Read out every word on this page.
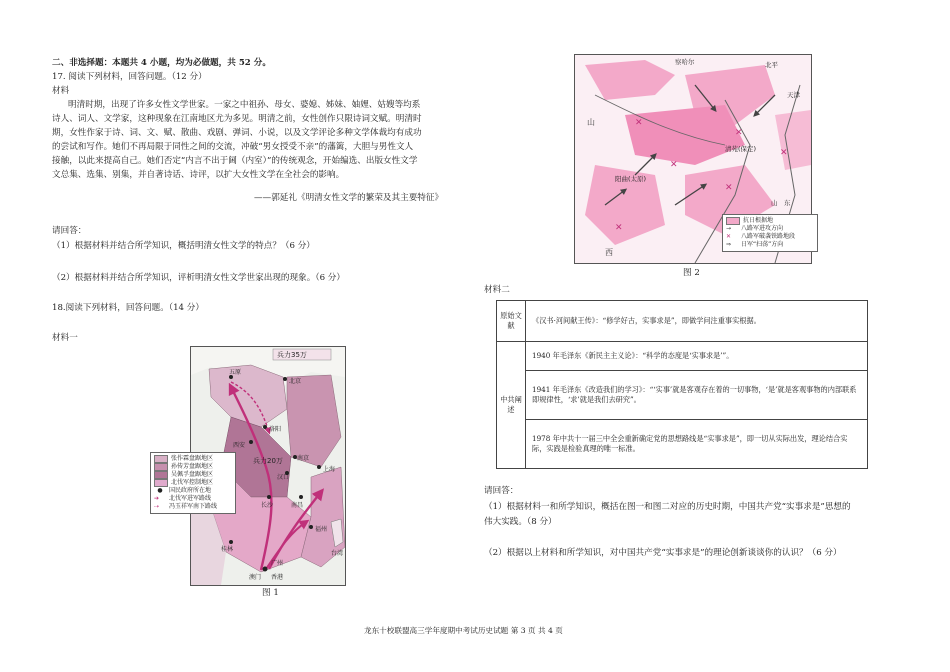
二、非选择题：本题共 4 小题，均为必做题，共 52 分。
17. 阅读下列材料，回答问题。（12 分）
材料
明清时期，出现了许多女性文学世家。一家之中祖孙、母女、婆媳、姊妹、妯娌、姑嫂等均系
诗人、词人、文学家，这种现象在江南地区尤为多见。明清之前，女性创作只限诗词文赋。明清时
期，女性作家于诗、词、文、赋、散曲、戏剧、弹词、小说，以及文学评论多种文学体裁均有成功
的尝试和写作。她们不再局限于同性之间的交流，冲破“男女授受不亲”的藩篱，大胆与男性文人
接触，以此来提高自己。她们否定“内言不出于阃（内室）”的传统观念，开始编选、出版女性文学
文总集、选集、别集，并自著诗话、诗评，以扩大女性文学在全社会的影响。
——郭延礼《明清女性文学的繁荣及其主要特征》
请回答：
（1）根据材料并结合所学知识，概括明清女性文学的特点？（6 分）
（2）根据材料并结合所学知识，评析明清女性文学世家出现的现象。（6 分）
18.阅读下列材料，回答问题。（14 分）
材料一
兵力35万
兵力20万
五原
北京
西安
洛阳
南京
汉口
长沙	南昌
上海
福州
桂林
广州
香港
澳门
台湾
张作霖盘踞地区
孙传芳盘踞地区
吴佩孚盘踞地区
北伐军控制地区
●	国民政府所在地
➔	北伐军进军路线
⇢	冯玉祥军南下路线
图 1
✕
✕
✕
✕
✕
✕
察哈尔	北平
天津
清苑(保定)
阳曲(太原)
山
西
山　东
抗日根据地
→	八路军进攻方向
✕	八路军破袭铁路地段
⇒	日军“扫荡”方向
图 2
材料二
原始文献	《汉书·河间献王传》：“修学好古，实事求是”，即做学问注重事实根据。
中共阐述	1940 年毛泽东《新民主主义论》：“科学的态度是‘实事求是’”。
	1941 年毛泽东《改造我们的学习》：“‘实事’就是客观存在着的一切事物，‘是’就是客观事物的内部联系即规律性，‘求’就是我们去研究”。
	1978 年中共十一届三中全会重新确定党的思想路线是“实事求是”，即一切从实际出发，理论结合实际，实践是检验真理的唯一标准。
请回答：
（1）根据材料一和所学知识，概括在图一和图二对应的历史时期，中国共产党“实事求是”思想的
伟大实践。（8 分）
（2）根据以上材料和所学知识，对中国共产党“实事求是”的理论创新谈谈你的认识？（6 分）
龙东十校联盟高三学年度期中考试历史试题 第 3 页 共 4 页
